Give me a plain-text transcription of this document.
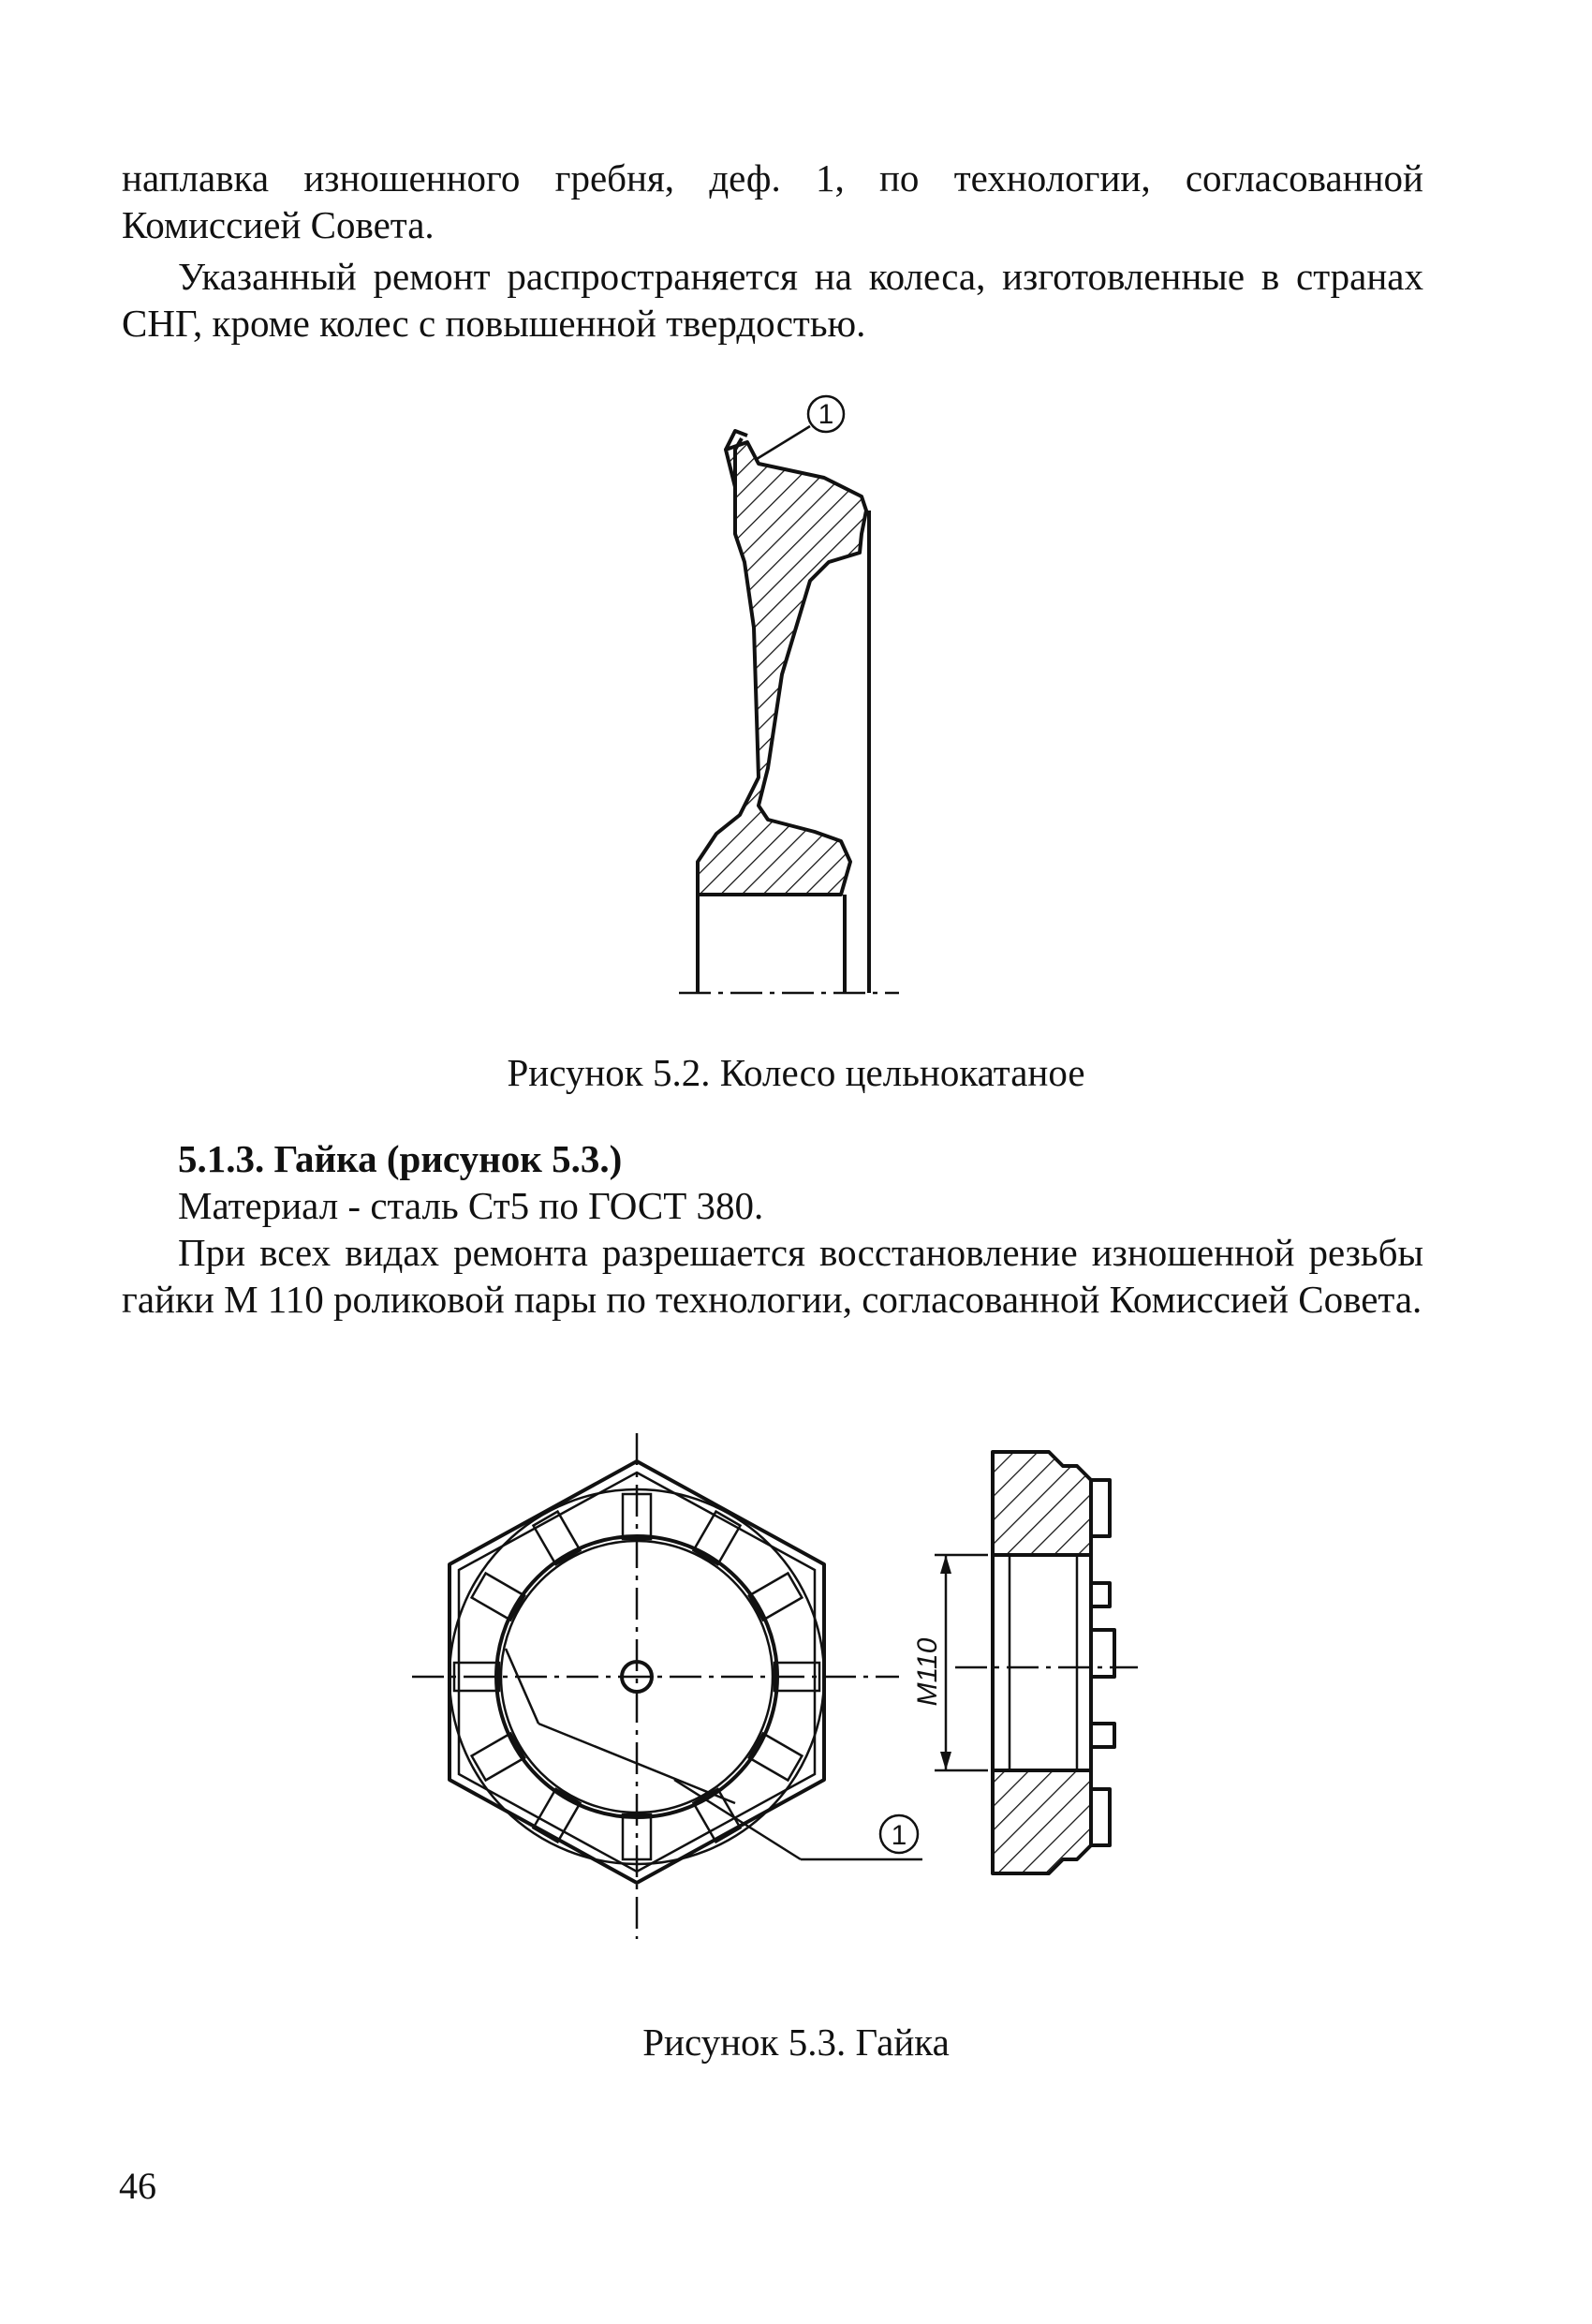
наплавка изношенного гребня, деф. 1, по технологии, согласованной Комиссией Совета.

Указанный ремонт распространяется на колеса, изготовленные в странах СНГ, кроме колес с повышенной твердостью.

1
Рисунок 5.2. Колесо цельнокатаное
5.1.3. Гайка (рисунок 5.3.)
Материал - сталь Ст5 по ГОСТ 380.

При всех видах ремонта разрешается восстановление изношенной резьбы гайки М 110 роликовой пары по технологии, согласованной Комиссией Совета.

1
M110
Рисунок 5.3. Гайка
46
